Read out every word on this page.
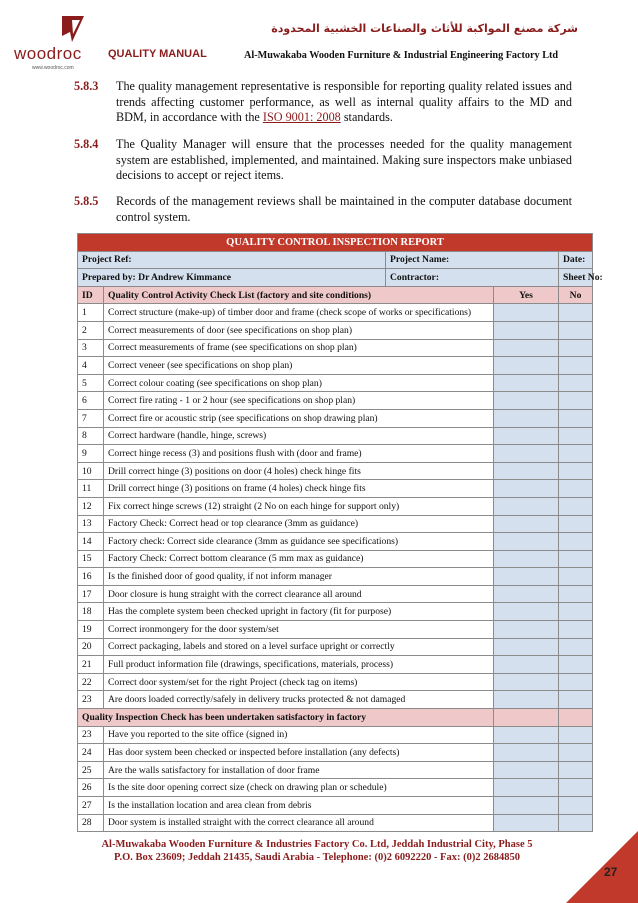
woodroc
www.woodroc.com
QUALITY MANUAL
شركة مصنع المواكبة للأثاث والصناعات الخشبية المحدودة
Al-Muwakaba Wooden Furniture & Industrial Engineering Factory Ltd
5.8.3 The quality management representative is responsible for reporting quality related issues and trends affecting customer performance, as well as internal quality affairs to the MD and BDM, in accordance with the ISO 9001: 2008 standards.
5.8.4 The Quality Manager will ensure that the processes needed for the quality management system are established, implemented, and maintained. Making sure inspectors make unbiased decisions to accept or reject items.
5.8.5 Records of the management reviews shall be maintained in the computer database document control system.
QUALITY CONTROL INSPECTION REPORT				
Project Ref:		Project Name:		Date:
Prepared by: Dr Andrew Kimmance		Contractor:		Sheet No:
ID	Quality Control Activity Check List (factory and site conditions)		Yes	No
1	Correct structure (make-up) of timber door and frame (check scope of works or specifications)			
2	Correct measurements of door (see specifications on shop plan)			
3	Correct measurements of frame (see specifications on shop plan)			
4	Correct veneer (see specifications on shop plan)			
5	Correct colour coating (see specifications on shop plan)			
6	Correct fire rating - 1 or 2 hour (see specifications on shop plan)			
7	Correct fire or acoustic strip (see specifications on shop drawing plan)			
8	Correct hardware (handle, hinge, screws)			
9	Correct hinge recess (3) and positions flush with (door and frame)			
10	Drill correct hinge (3) positions on door (4 holes) check hinge fits			
11	Drill correct hinge (3) positions on frame (4 holes) check hinge fits			
12	Fix correct hinge screws (12) straight (2 No on each hinge for support only)			
13	Factory Check: Correct head or top clearance (3mm as guidance)			
14	Factory check: Correct side clearance (3mm as guidance see specifications)			
15	Factory Check: Correct bottom clearance (5 mm max as guidance)			
16	Is the finished door of good quality, if not inform manager			
17	Door closure is hung straight with the correct clearance all around			
18	Has the complete system been checked upright in factory (fit for purpose)			
19	Correct ironmongery for the door system/set			
20	Correct packaging, labels and stored on a level surface upright or correctly			
21	Full product information file (drawings, specifications, materials, process)			
22	Correct door system/set for the right Project (check tag on items)			
23	Are doors loaded correctly/safely in delivery trucks protected & not damaged			
Quality Inspection Check has been undertaken satisfactory in factory				
23	Have you reported to the site office (signed in)			
24	Has door system been checked or inspected before installation (any defects)			
25	Are the walls satisfactory for installation of door frame			
26	Is the site door opening correct size (check on drawing plan or schedule)			
27	Is the installation location and area clean from debris			
28	Door system is installed straight with the correct clearance all around			
Al-Muwakaba Wooden Furniture & Industries Factory Co. Ltd, Jeddah Industrial City, Phase 5
P.O. Box 23609; Jeddah 21435, Saudi Arabia - Telephone: (0)2 6092220 - Fax: (0)2 2684850
27
